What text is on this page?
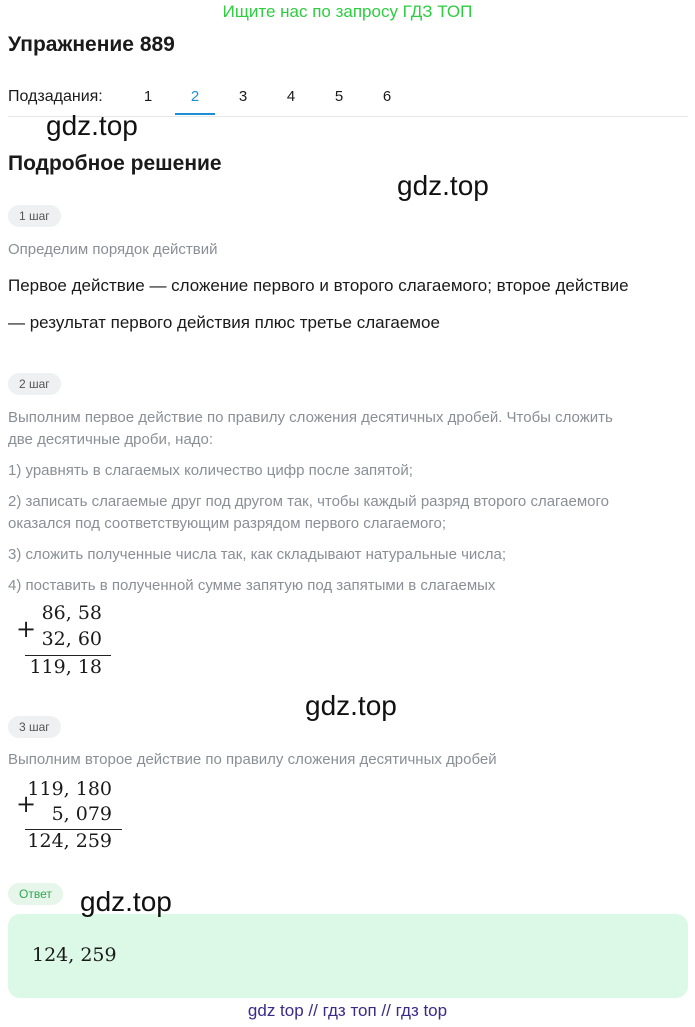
Ищите нас по запросу ГДЗ ТОП
Упражнение 889
Подзадания:	1	2	3	4	5	6
gdz.top
Подробное решение
gdz.top
1 шаг
Определим порядок действий
Первое действие — сложение первого и второго слагаемого; второе действие
— результат первого действия плюс третье слагаемое
2 шаг
Выполним первое действие по правилу сложения десятичных дробей. Чтобы сложить
две десятичные дроби, надо:
1) уравнять в слагаемых количество цифр после запятой;
2) записать слагаемые друг под другом так, чтобы каждый разряд второго слагаемого
оказался под соответствующим разрядом первого слагаемого;
3) сложить полученные числа так, как складывают натуральные числа;
4) поставить в полученной сумме запятую под запятыми в слагаемых
+
86, 58
32, 60
119, 18
gdz.top
3 шаг
Выполним второе действие по правилу сложения десятичных дробей
+
119, 180
5, 079
124, 259
Ответ
124, 259
gdz.top
gdz top // гдз топ // гдз top
